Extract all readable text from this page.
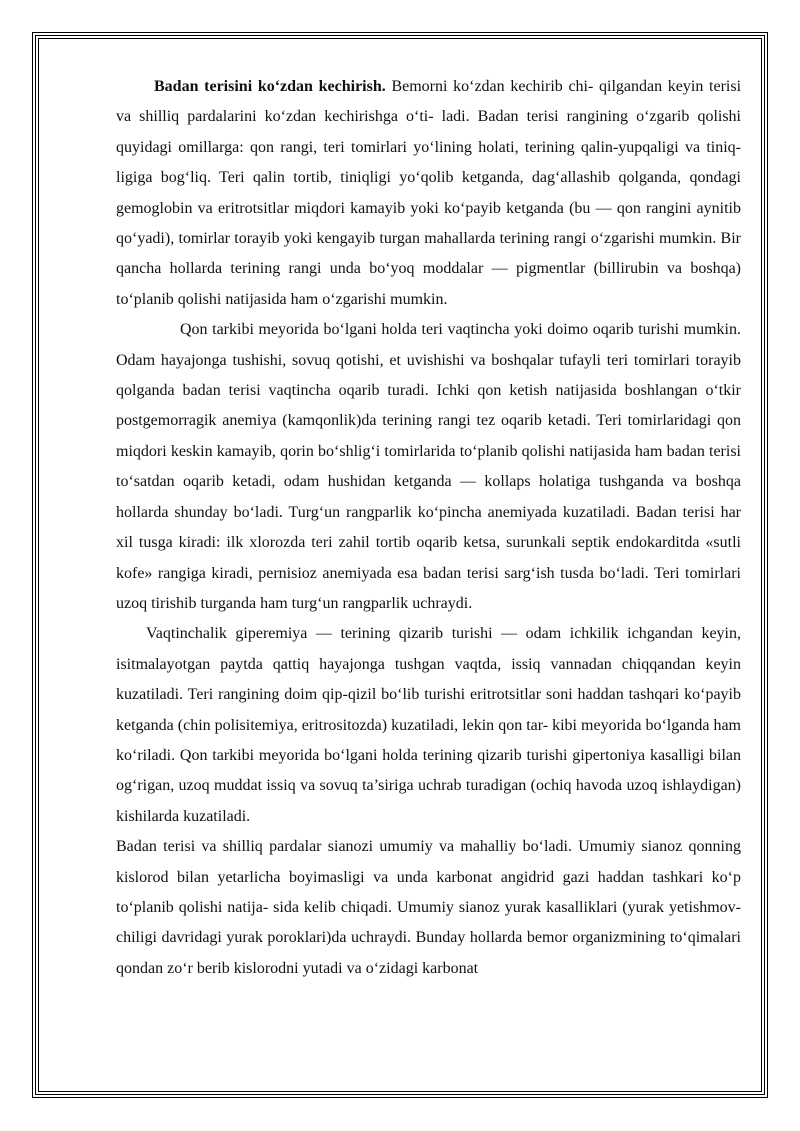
Badan terisini ko‘zdan kechirish. Bemorni ko‘zdan kechirib chi- qilgandan keyin terisi va shilliq pardalarini ko‘zdan kechirishga o‘ti- ladi. Badan terisi rangining o‘zgarib qolishi quyidagi omillarga: qon rangi, teri tomirlari yo‘lining holati, terining qalin-yupqaligi va tiniq- ligiga bog‘liq. Teri qalin tortib, tiniqligi yo‘qolib ketganda, dag‘allashib qolganda, qondagi gemoglobin va eritrotsitlar miqdori kamayib yoki ko‘payib ketganda (bu — qon rangini aynitib qo‘yadi), tomirlar torayib yoki kengayib turgan mahallarda terining rangi o‘zgarishi mumkin. Bir qancha hollarda terining rangi unda bo‘yoq moddalar — pigmentlar (billirubin va boshqa) to‘planib qolishi natijasida ham o‘zgarishi mumkin.

Qon tarkibi meyorida bo‘lgani holda teri vaqtincha yoki doimo oqarib turishi mumkin. Odam hayajonga tushishi, sovuq qotishi, et uvishishi va boshqalar tufayli teri tomirlari torayib qolganda badan terisi vaqtincha oqarib turadi. Ichki qon ketish natijasida boshlangan o‘tkir postgemorragik anemiya (kamqonlik)da terining rangi tez oqarib ketadi. Teri tomirlaridagi qon miqdori keskin kamayib, qorin bo‘shlig‘i tomirlarida to‘planib qolishi natijasida ham badan terisi to‘satdan oqarib ketadi, odam hushidan ketganda — kollaps holatiga tushganda va boshqa hollarda shunday bo‘ladi. Turg‘un rangparlik ko‘pincha anemiyada kuzatiladi. Badan terisi har xil tusga kiradi: ilk xlorozda teri zahil tortib oqarib ketsa, surunkali septik endokarditda «sutli kofe» rangiga kiradi, pernisioz anemiyada esa badan terisi sarg‘ish tusda bo‘ladi. Teri tomirlari uzoq tirishib turganda ham turg‘un rangparlik uchraydi.

Vaqtinchalik giperemiya — terining qizarib turishi — odam ichkilik ichgandan keyin, isitmalayotgan paytda qattiq hayajonga tushgan vaqtda, issiq vannadan chiqqandan keyin kuzatiladi. Teri rangining doim qip-qizil bo‘lib turishi eritrotsitlar soni haddan tashqari ko‘payib ketganda (chin polisitemiya, eritrositozda) kuzatiladi, lekin qon tar- kibi meyorida bo‘lganda ham ko‘riladi. Qon tarkibi meyorida bo‘lgani holda terining qizarib turishi gipertoniya kasalligi bilan og‘rigan, uzoq muddat issiq va sovuq ta’siriga uchrab turadigan (ochiq havoda uzoq ishlaydigan) kishilarda kuzatiladi.

Badan terisi va shilliq pardalar sianozi umumiy va mahalliy bo‘ladi. Umumiy sianoz qonning kislorod bilan yetarlicha boyimasligi va unda karbonat angidrid gazi haddan tashkari ko‘p to‘planib qolishi natija- sida kelib chiqadi. Umumiy sianoz yurak kasalliklari (yurak yetishmov- chiligi davridagi yurak poroklari)da uchraydi. Bunday hollarda bemor organizmining to‘qimalari qondan zo‘r berib kislorodni yutadi va o‘zidagi karbonat
